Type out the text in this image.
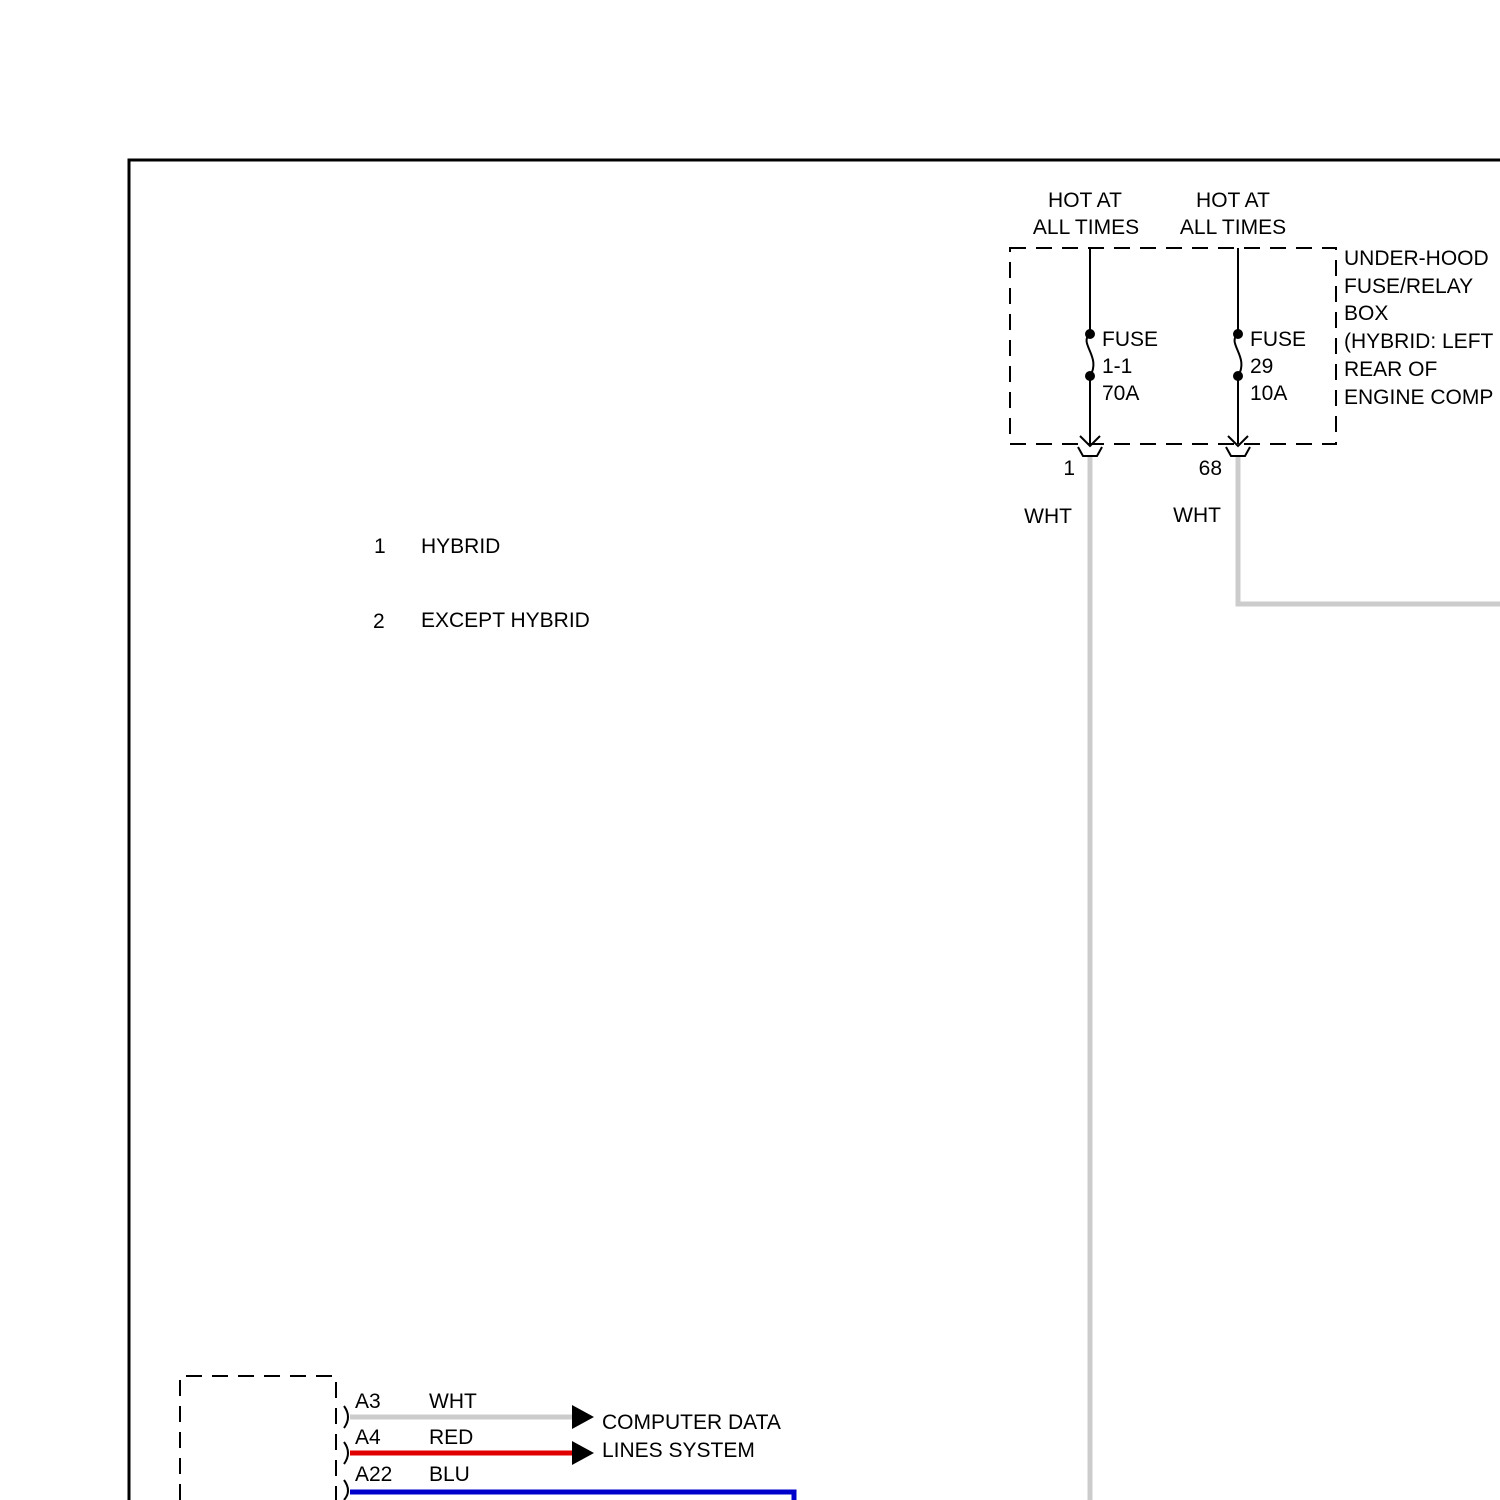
HOT AT
ALL TIMES
HOT AT
ALL TIMES
UNDER-HOOD
FUSE/RELAY
BOX
(HYBRID: LEFT
REAR OF
ENGINE COMP
FUSE
1-1
70A
1
WHT
FUSE
29
10A
68
WHT
1 HYBRID
2 EXCEPT HYBRID
A3 WHT
A4 RED
A22 BLU
COMPUTER DATA
LINES SYSTEM
